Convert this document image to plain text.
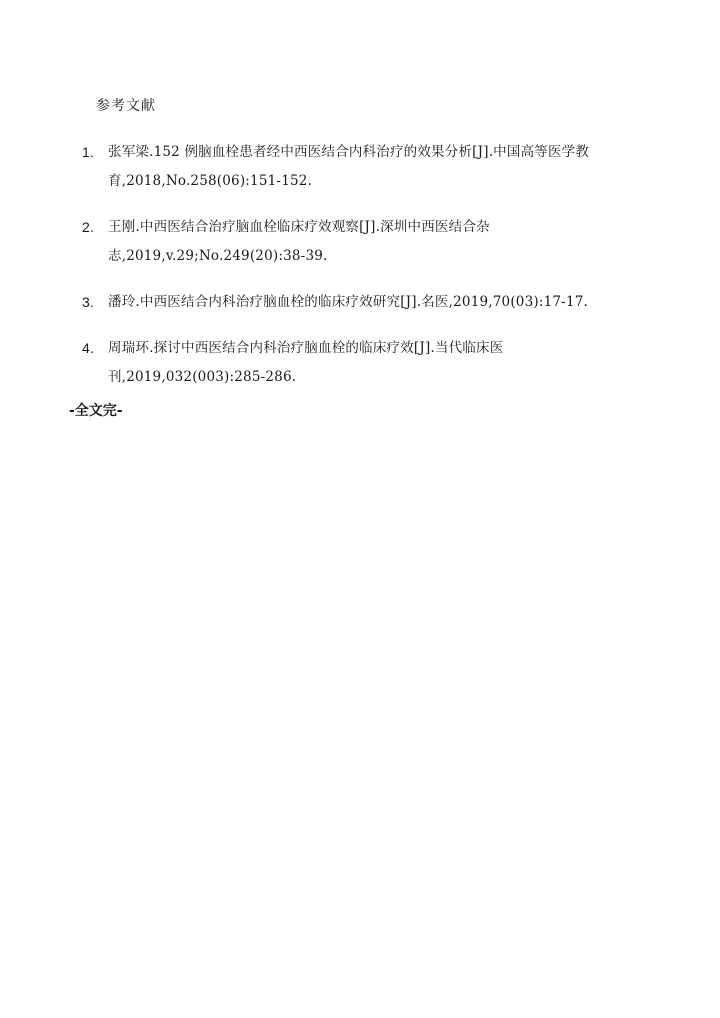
参考文献
1. 张军梁.152 例脑血栓患者经中西医结合内科治疗的效果分析[J].中国高等医学教
育,2018,No.258(06):151-152.
2. 王刚.中西医结合治疗脑血栓临床疗效观察[J].深圳中西医结合杂
志,2019,v.29;No.249(20):38-39.
3. 潘玲.中西医结合内科治疗脑血栓的临床疗效研究[J].名医,2019,70(03):17-17.
4. 周瑞环.探讨中西医结合内科治疗脑血栓的临床疗效[J].当代临床医
刊,2019,032(003):285-286.
-全文完-
